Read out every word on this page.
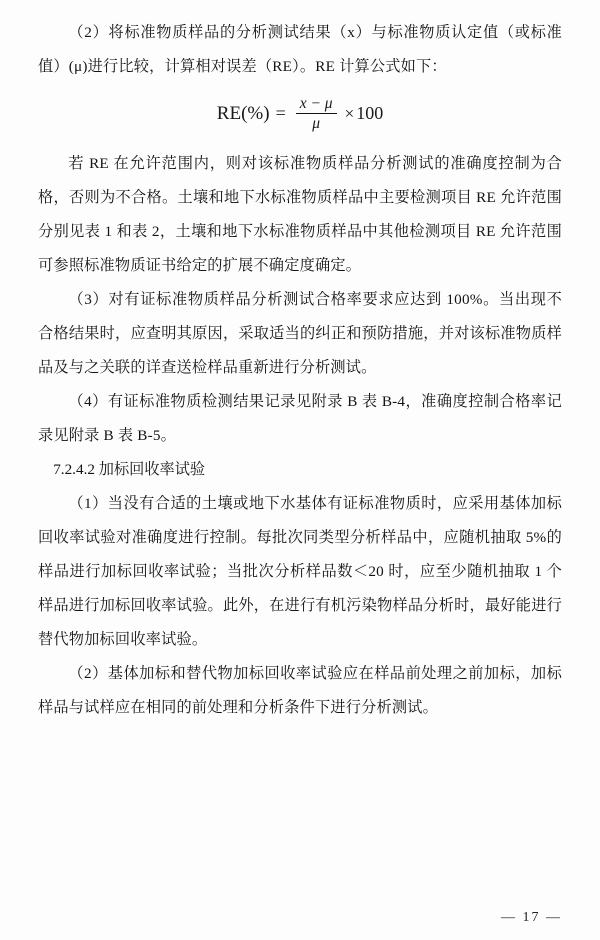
（2）将标准物质样品的分析测试结果（x）与标准物质认定值（或标准值）(μ)进行比较，计算相对误差（RE）。RE 计算公式如下：

$RE(\%) = \frac{x - \mu}{\mu} \times 100$

若 RE 在允许范围内，则对该标准物质样品分析测试的准确度控制为合格，否则为不合格。土壤和地下水标准物质样品中主要检测项目 RE 允许范围分别见表 1 和表 2，土壤和地下水标准物质样品中其他检测项目 RE 允许范围可参照标准物质证书给定的扩展不确定度确定。

（3）对有证标准物质样品分析测试合格率要求应达到 100%。当出现不合格结果时，应查明其原因，采取适当的纠正和预防措施，并对该标准物质样品及与之关联的详查送检样品重新进行分析测试。

（4）有证标准物质检测结果记录见附录 B 表 B-4，准确度控制合格率记录见附录 B 表 B-5。

7.2.4.2 加标回收率试验

（1）当没有合适的土壤或地下水基体有证标准物质时，应采用基体加标回收率试验对准确度进行控制。每批次同类型分析样品中，应随机抽取 5%的样品进行加标回收率试验；当批次分析样品数＜20 时，应至少随机抽取 1 个样品进行加标回收率试验。此外，在进行有机污染物样品分析时，最好能进行替代物加标回收率试验。

（2）基体加标和替代物加标回收率试验应在样品前处理之前加标，加标样品与试样应在相同的前处理和分析条件下进行分析测试。

— 17 —
